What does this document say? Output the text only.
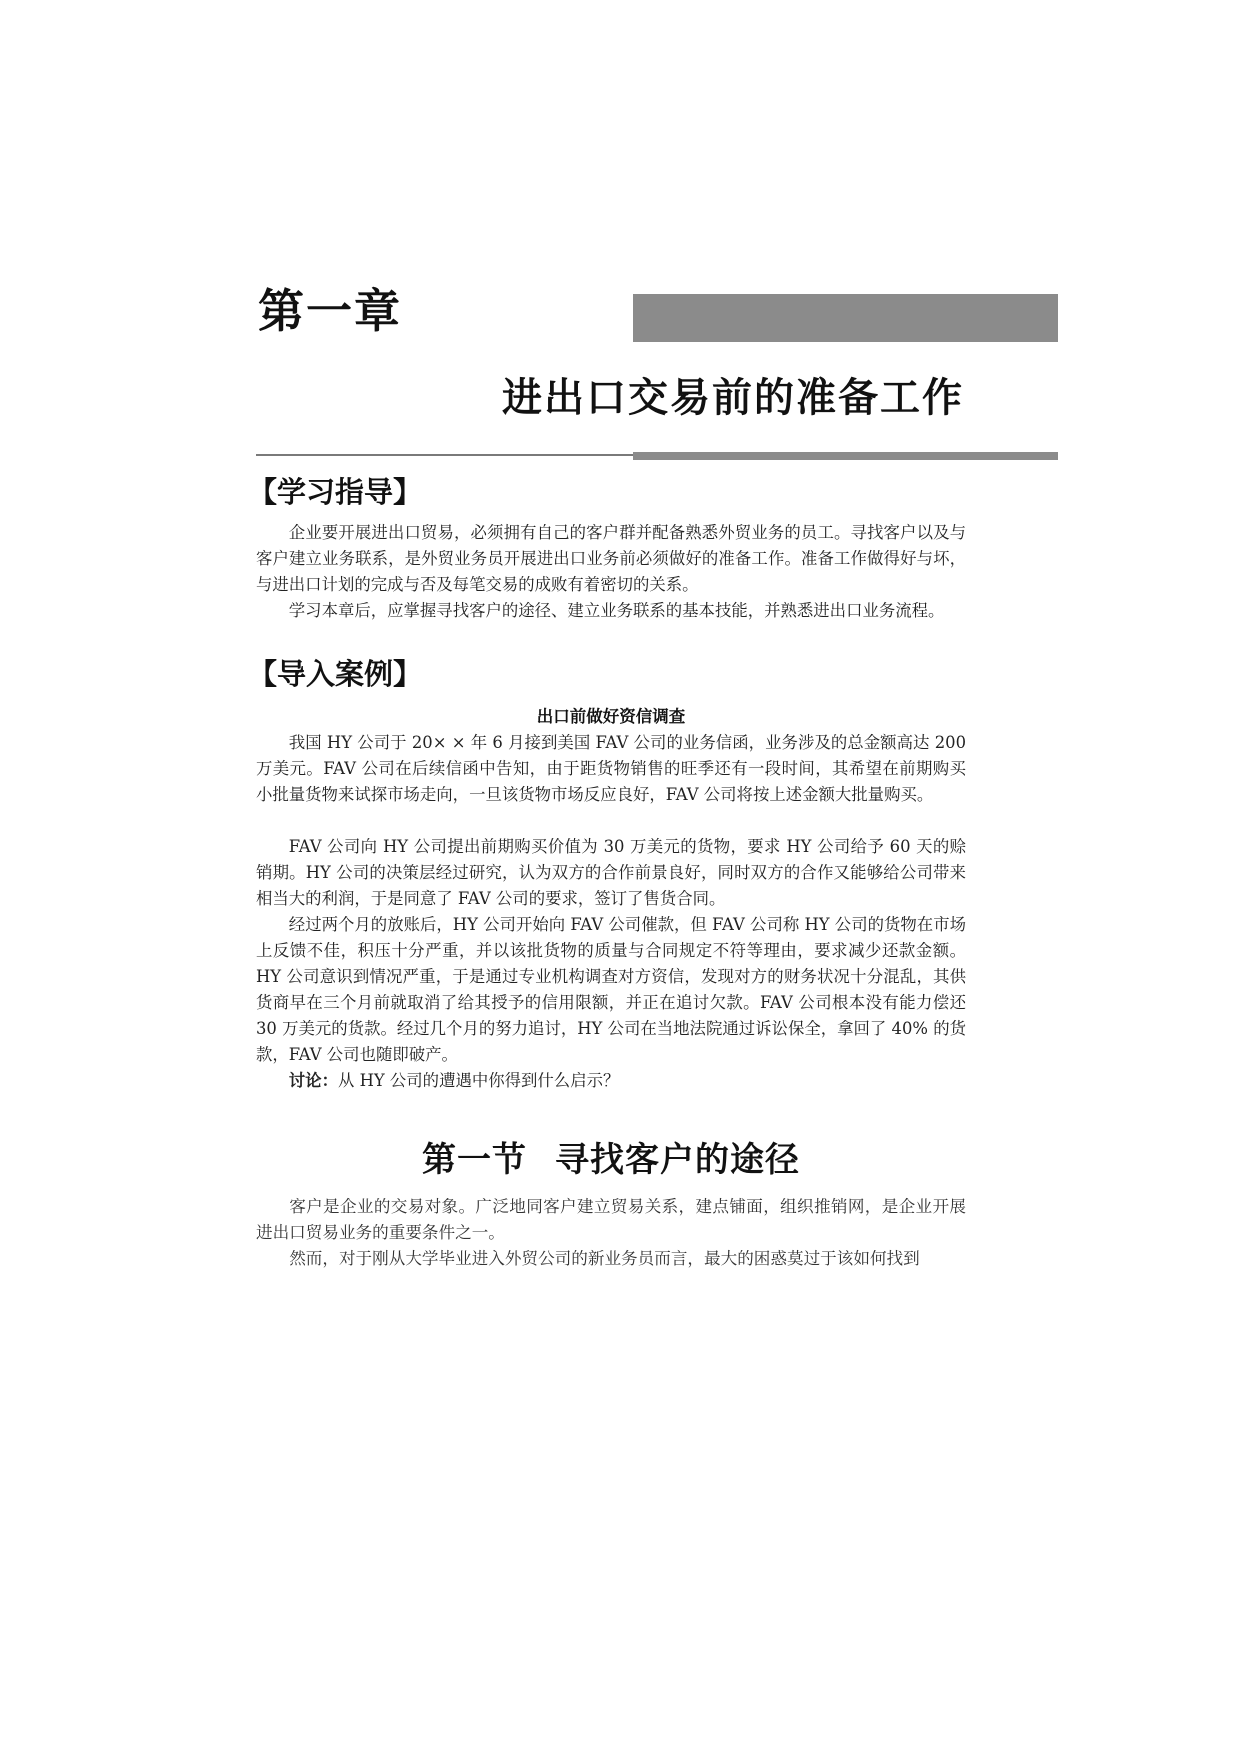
第一章
进出口交易前的准备工作
【学习指导】

企业要开展进出口贸易，必须拥有自己的客户群并配备熟悉外贸业务的员工。寻找客户以及与客户建立业务联系，是外贸业务员开展进出口业务前必须做好的准备工作。准备工作做得好与坏，与进出口计划的完成与否及每笔交易的成败有着密切的关系。

学习本章后，应掌握寻找客户的途径、建立业务联系的基本技能，并熟悉进出口业务流程。

【导入案例】
出口前做好资信调查

我国 HY 公司于 20× × 年 6 月接到美国 FAV 公司的业务信函，业务涉及的总金额高达 200 万美元。FAV 公司在后续信函中告知，由于距货物销售的旺季还有一段时间，其希望在前期购买小批量货物来试探市场走向，一旦该货物市场反应良好，FAV 公司将按上述金额大批量购买。

FAV 公司向 HY 公司提出前期购买价值为 30 万美元的货物，要求 HY 公司给予 60 天的赊销期。HY 公司的决策层经过研究，认为双方的合作前景良好，同时双方的合作又能够给公司带来相当大的利润，于是同意了 FAV 公司的要求，签订了售货合同。

经过两个月的放账后，HY 公司开始向 FAV 公司催款，但 FAV 公司称 HY 公司的货物在市场上反馈不佳，积压十分严重，并以该批货物的质量与合同规定不符等理由，要求减少还款金额。HY 公司意识到情况严重，于是通过专业机构调查对方资信，发现对方的财务状况十分混乱，其供货商早在三个月前就取消了给其授予的信用限额，并正在追讨欠款。FAV 公司根本没有能力偿还 30 万美元的货款。经过几个月的努力追讨，HY 公司在当地法院通过诉讼保全，拿回了 40% 的货款，FAV 公司也随即破产。

讨论：从 HY 公司的遭遇中你得到什么启示？

第一节 寻找客户的途径

客户是企业的交易对象。广泛地同客户建立贸易关系，建点铺面，组织推销网，是企业开展进出口贸易业务的重要条件之一。

然而，对于刚从大学毕业进入外贸公司的新业务员而言，最大的困惑莫过于该如何找到
